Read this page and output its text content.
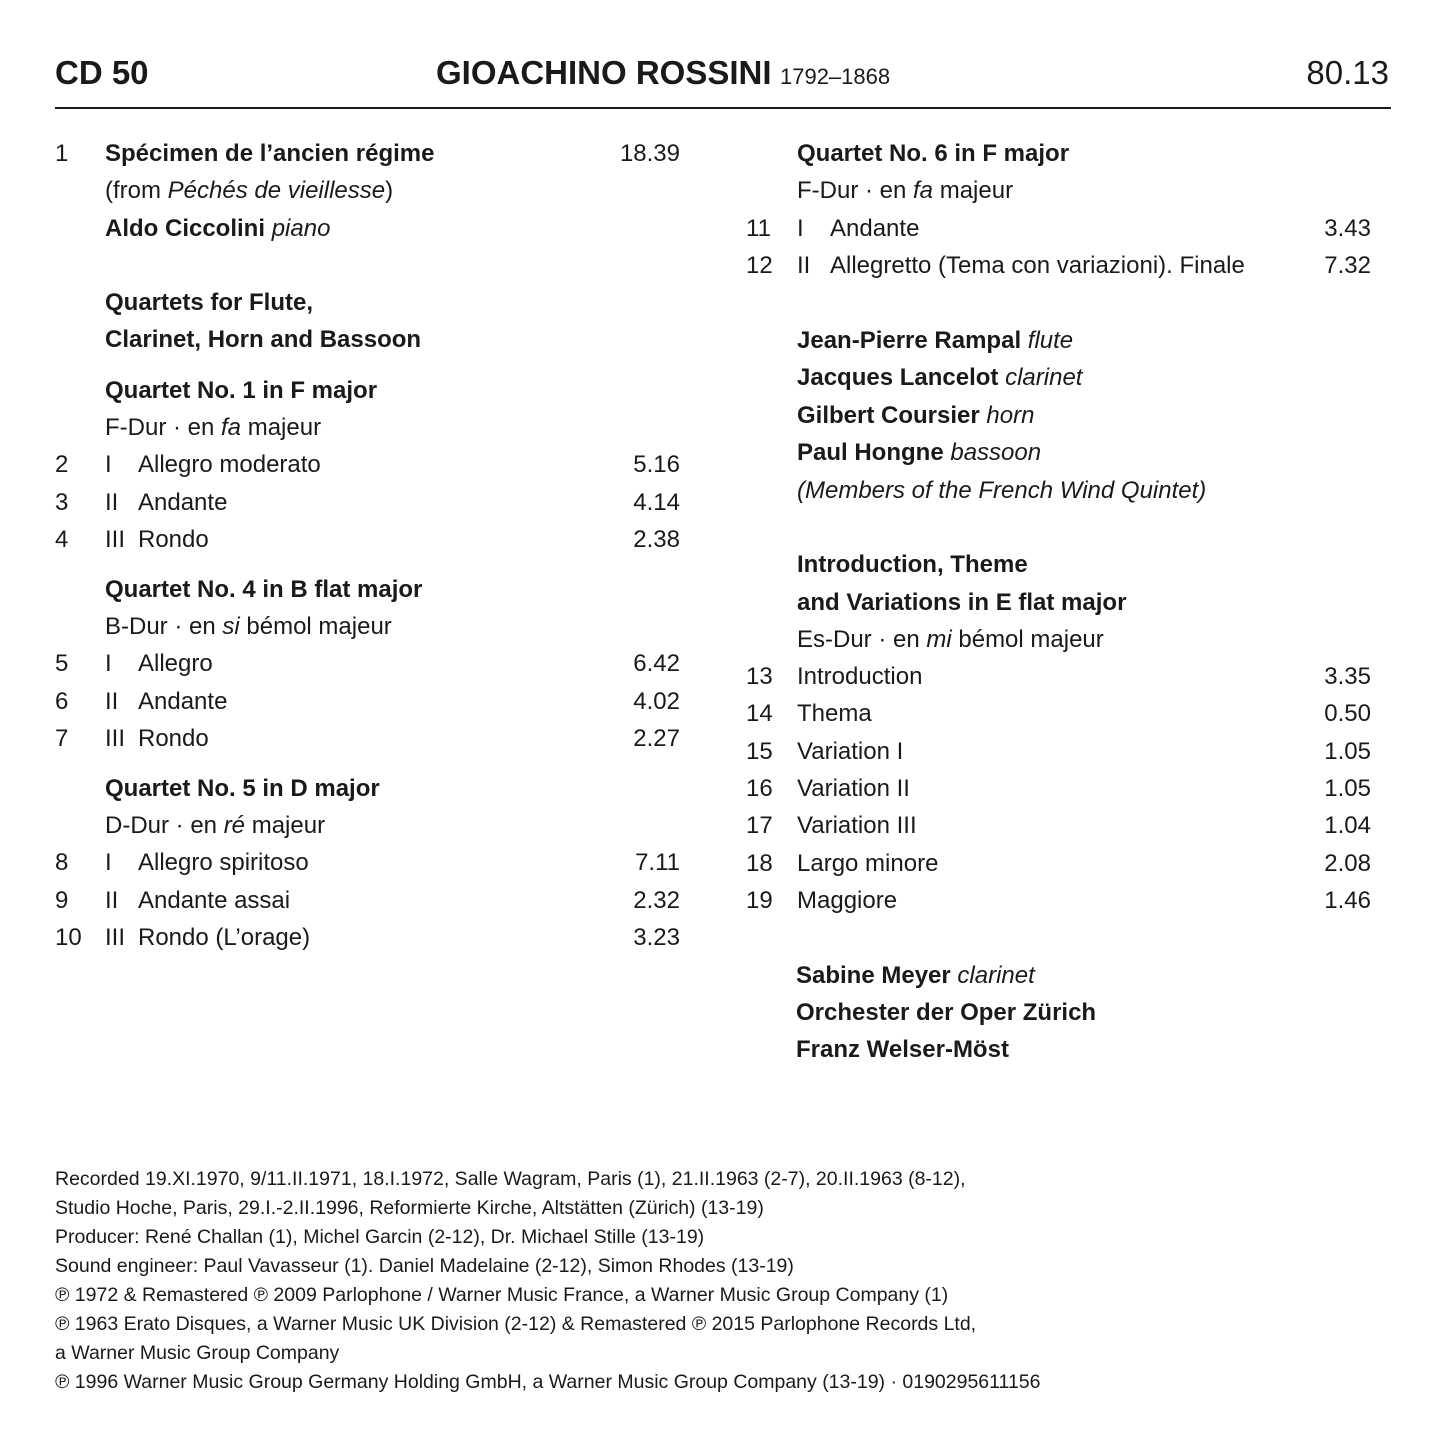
CD 50	GIOACHINO ROSSINI 1792–1868	80.13
1 Spécimen de l’ancien régime	18.39
(from Péchés de vieillesse)
Aldo Ciccolini piano
Quartets for Flute,
Clarinet, Horn and Bassoon
Quartet No. 1 in F major
F-Dur · en fa majeur
2 I Allegro moderato	5.16
3 II Andante	4.14
4 III Rondo	2.38
Quartet No. 4 in B flat major
B-Dur · en si bémol majeur
5 I Allegro	6.42
6 II Andante	4.02
7 III Rondo	2.27
Quartet No. 5 in D major
D-Dur · en ré majeur
8 I Allegro spiritoso	7.11
9 II Andante assai	2.32
10 III Rondo (L’orage)	3.23
Quartet No. 6 in F major
F-Dur · en fa majeur
11 I Andante	3.43
12 II Allegretto (Tema con variazioni). Finale	7.32
Jean-Pierre Rampal flute
Jacques Lancelot clarinet
Gilbert Coursier horn
Paul Hongne bassoon
(Members of the French Wind Quintet)
Introduction, Theme
and Variations in E flat major
Es-Dur · en mi bémol majeur
13 Introduction	3.35
14 Thema	0.50
15 Variation I	1.05
16 Variation II	1.05
17 Variation III	1.04
18 Largo minore	2.08
19 Maggiore	1.46
Sabine Meyer clarinet
Orchester der Oper Zürich
Franz Welser-Möst
Recorded 19.XI.1970, 9/11.II.1971, 18.I.1972, Salle Wagram, Paris (1), 21.II.1963 (2-7), 20.II.1963 (8-12),
Studio Hoche, Paris, 29.I.-2.II.1996, Reformierte Kirche, Altstätten (Zürich) (13-19)
Producer: René Challan (1), Michel Garcin (2-12), Dr. Michael Stille (13-19)
Sound engineer: Paul Vavasseur (1). Daniel Madelaine (2-12), Simon Rhodes (13-19)
℗ 1972 & Remastered ℗ 2009 Parlophone / Warner Music France, a Warner Music Group Company (1)
℗ 1963 Erato Disques, a Warner Music UK Division (2-12) & Remastered ℗ 2015 Parlophone Records Ltd,
a Warner Music Group Company
℗ 1996 Warner Music Group Germany Holding GmbH, a Warner Music Group Company (13-19) · 0190295611156
